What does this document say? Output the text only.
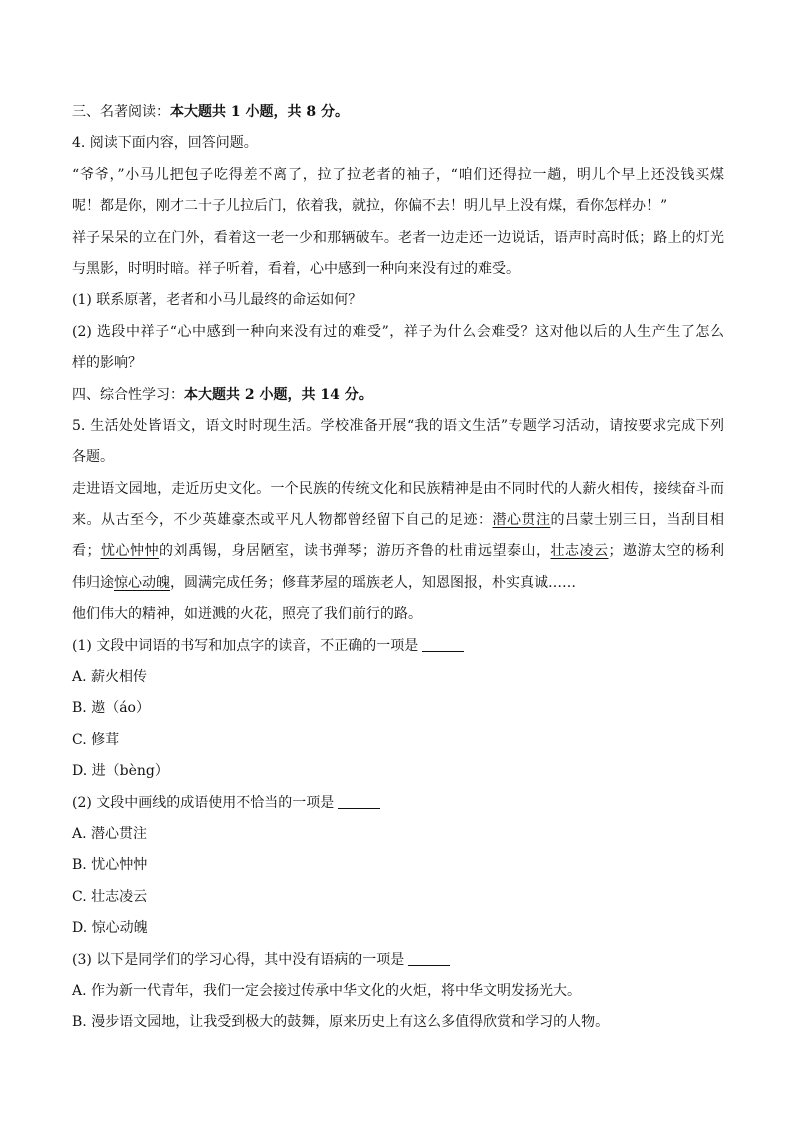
三、名著阅读：本大题共 1 小题，共 8 分。
4. 阅读下面内容，回答问题。
“爷爷，”小马儿把包子吃得差不离了，拉了拉老者的袖子，“咱们还得拉一趟，明儿个早上还没钱买煤
呢！都是你，刚才二十子儿拉后门，依着我，就拉，你偏不去！明儿早上没有煤，看你怎样办！”
祥子呆呆的立在门外，看着这一老一少和那辆破车。老者一边走还一边说话，语声时高时低；路上的灯光
与黑影，时明时暗。祥子听着，看着，心中感到一种向来没有过的难受。
(1) 联系原著，老者和小马儿最终的命运如何？
(2) 选段中祥子“心中感到一种向来没有过的难受”，祥子为什么会难受？这对他以后的人生产生了怎么
样的影响？
四、综合性学习：本大题共 2 小题，共 14 分。
5. 生活处处皆语文，语文时时现生活。学校准备开展“我的语文生活”专题学习活动，请按要求完成下列
各题。
走进语文园地，走近历史文化。一个民族的传统文化和民族精神是由不同时代的人薪火相传，接续奋斗而
来。从古至今，不少英雄豪杰或平凡人物都曾经留下自己的足迹：潜心贯注的吕蒙士别三日，当刮目相
看；忧心忡忡的刘禹锡，身居陋室，读书弹琴；游历齐鲁的杜甫远望泰山，壮志凌云；遨游太空的杨利
伟归途惊心动魄，圆满完成任务；修葺茅屋的瑶族老人，知恩图报，朴实真诚……
他们伟大的精神，如迸溅的火花，照亮了我们前行的路。
(1) 文段中词语的书写和加点字的读音，不正确的一项是
A. 薪火相传
B. 遨（áo）
C. 修茸
D. 进（bèng）
(2) 文段中画线的成语使用不恰当的一项是
A. 潜心贯注
B. 忧心忡忡
C. 壮志凌云
D. 惊心动魄
(3) 以下是同学们的学习心得，其中没有语病的一项是
A. 作为新一代青年，我们一定会接过传承中华文化的火炬，将中华文明发扬光大。
B. 漫步语文园地，让我受到极大的鼓舞，原来历史上有这么多值得欣赏和学习的人物。
